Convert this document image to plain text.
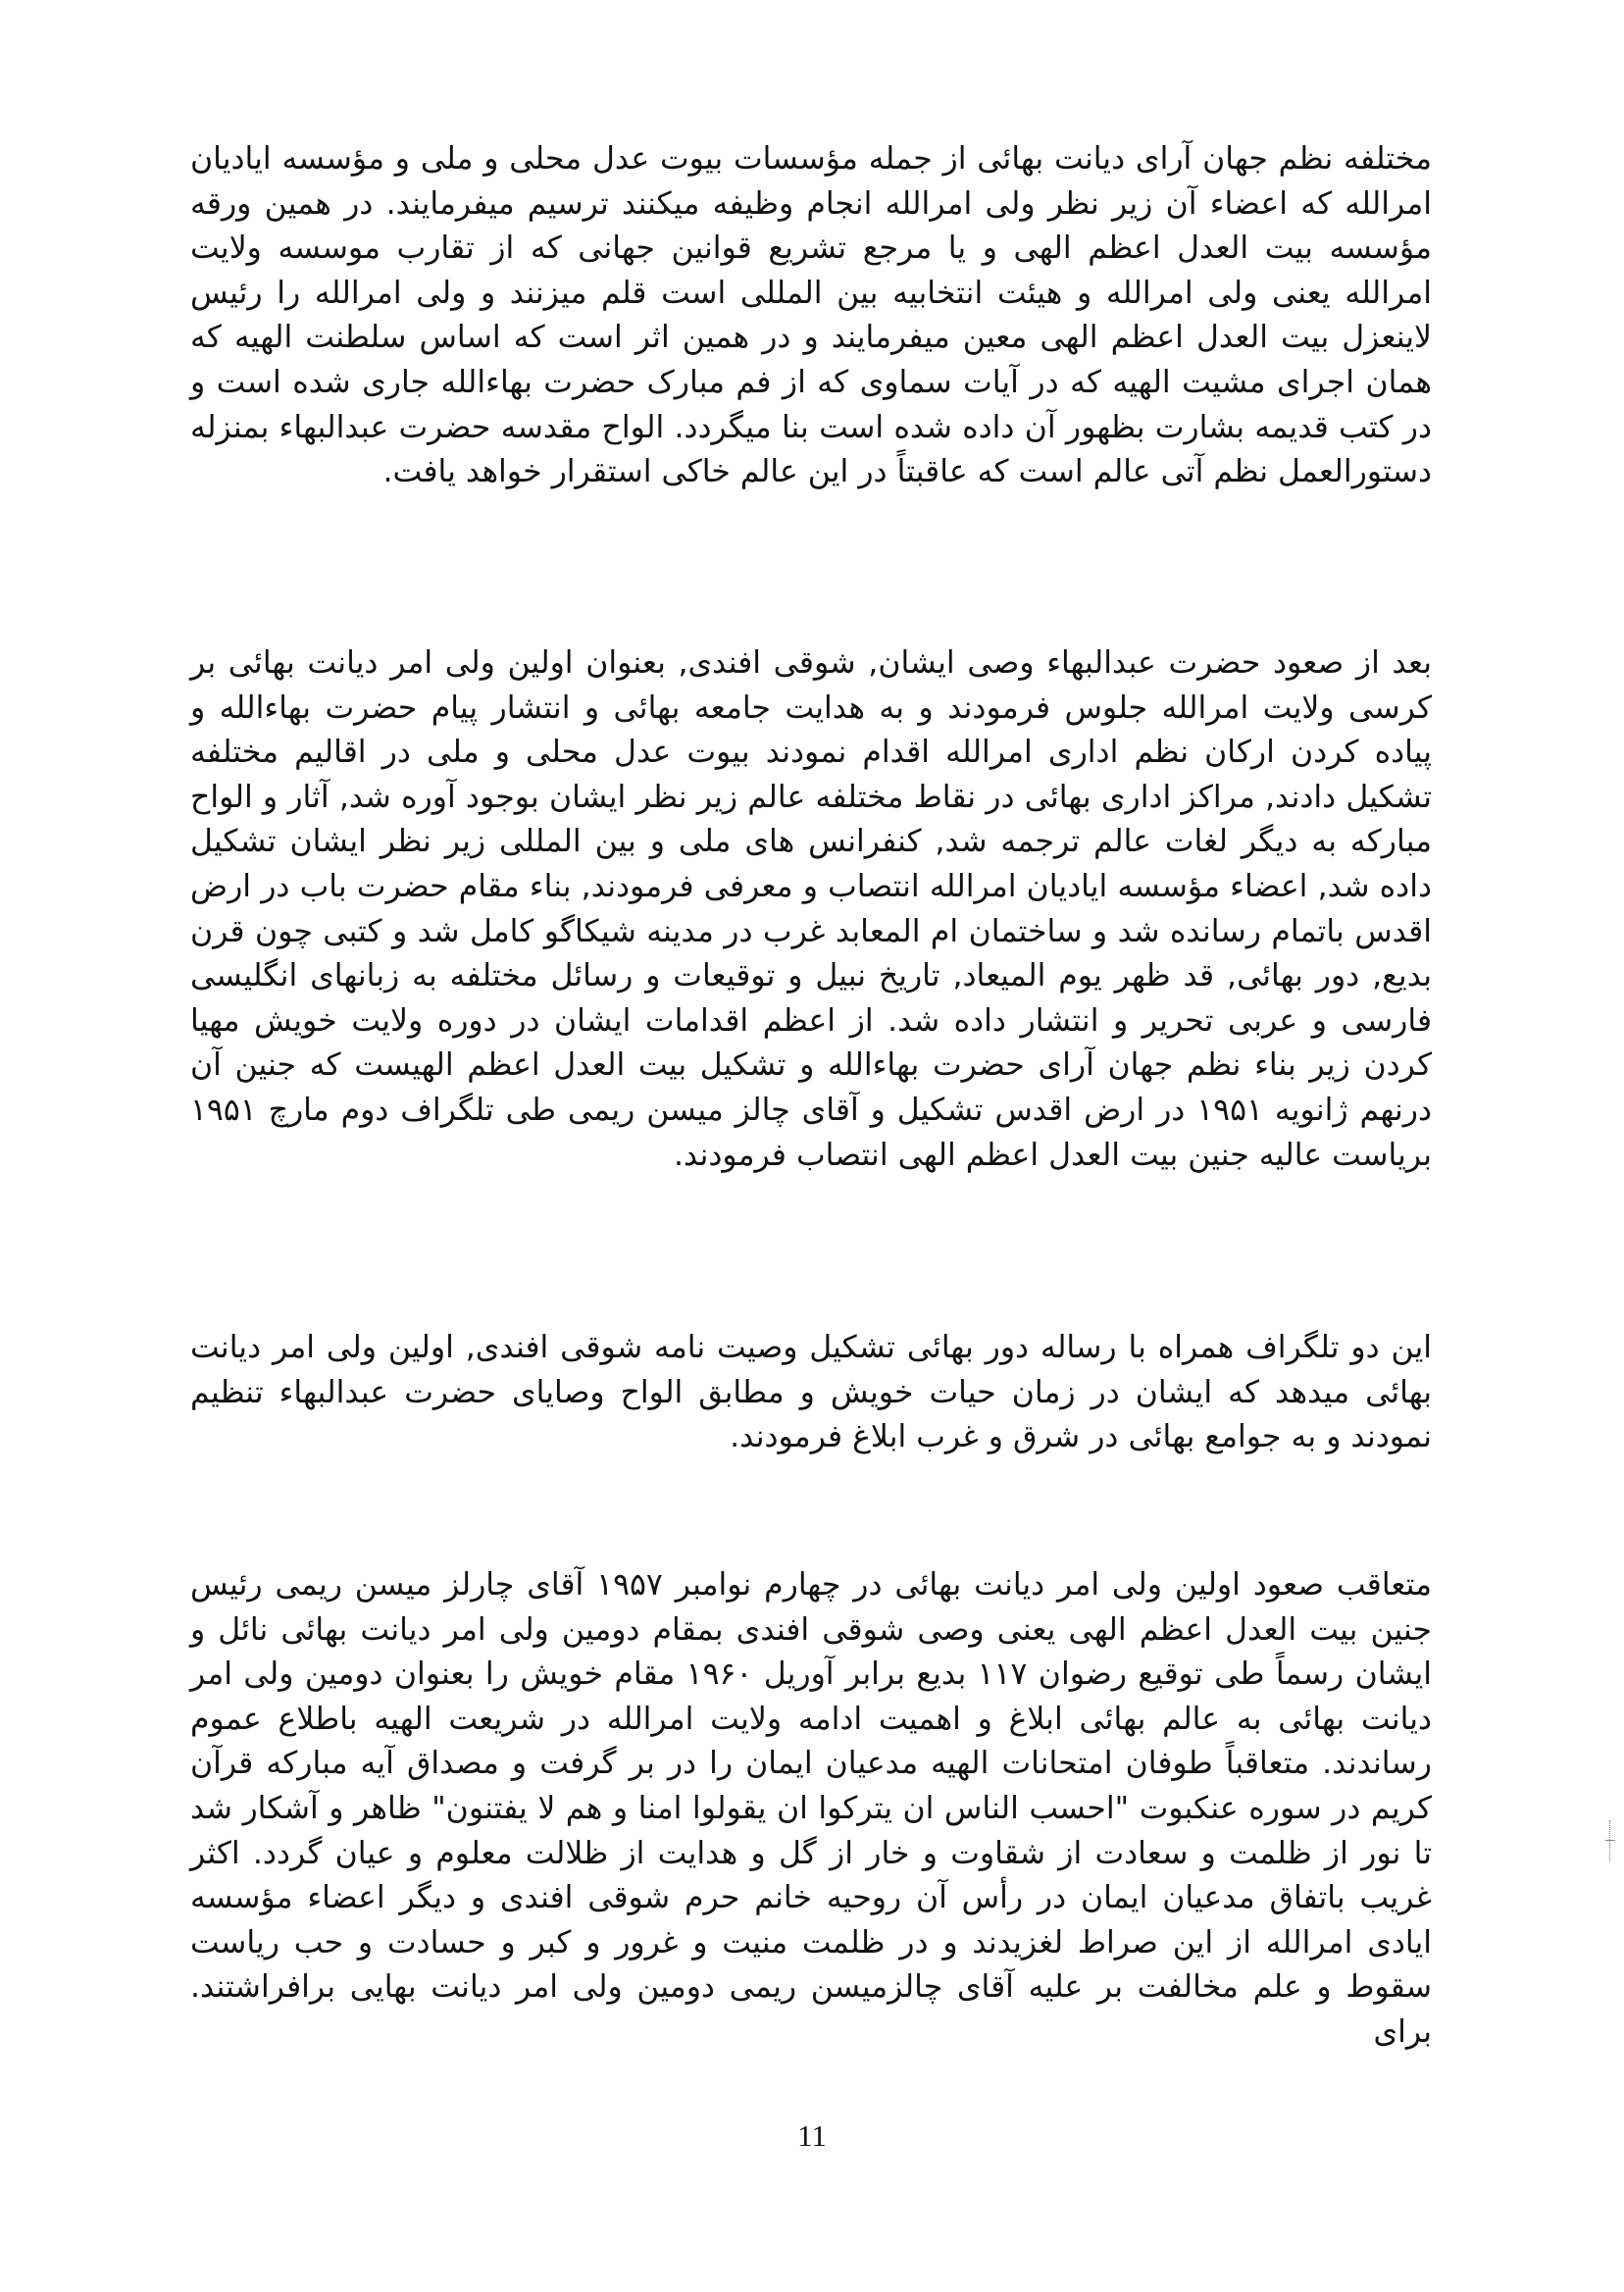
مختلفه نظم جهان آرای دیانت بهائی از جمله مؤسسات بیوت عدل محلی و ملی و مؤسسه ایادیان امرالله که اعضاء آن زیر نظر ولی امرالله انجام وظیفه میکنند ترسیم میفرمایند. در همین ورقه مؤسسه بیت العدل اعظم الهی و یا مرجع تشریع قوانین جهانی که از تقارب موسسه ولایت امرالله یعنی ولی امرالله و هیئت انتخابیه بین المللی است قلم میزنند و ولی امرالله را رئیس لاینعزل بیت العدل اعظم الهی معین میفرمایند و در همین اثر است که اساس سلطنت الهیه که همان اجرای مشیت الهیه که در آیات سماوی که از فم مبارک حضرت بهاءالله جاری شده است و در کتب قدیمه بشارت بظهور آن داده شده است بنا میگردد. الواح مقدسه حضرت عبدالبهاء بمنزله دستورالعمل نظم آتی عالم است که عاقبتاً در این عالم خاکی استقرار خواهد یافت.

بعد از صعود حضرت عبدالبهاء وصی ایشان, شوقی افندی, بعنوان اولین ولی امر دیانت بهائی بر کرسی ولایت امرالله جلوس فرمودند و به هدایت جامعه بهائی و انتشار پیام حضرت بهاءالله و پیاده کردن ارکان نظم اداری امرالله اقدام نمودند بیوت عدل محلی و ملی در اقالیم مختلفه تشکیل دادند, مراکز اداری بهائی در نقاط مختلفه عالم زیر نظر ایشان بوجود آوره شد, آثار و الواح مبارکه به دیگر لغات عالم ترجمه شد, کنفرانس های ملی و بین المللی زیر نظر ایشان تشکیل داده شد, اعضاء مؤسسه ایادیان امرالله انتصاب و معرفی فرمودند, بناء مقام حضرت باب در ارض اقدس باتمام رسانده شد و ساختمان ام المعابد غرب در مدینه شیکاگو کامل شد و کتبی چون قرن بدیع, دور بهائی, قد ظهر یوم المیعاد, تاریخ نبیل و توقیعات و رسائل مختلفه به زبانهای انگلیسی فارسی و عربی تحریر و انتشار داده شد. از اعظم اقدامات ایشان در دوره ولایت خویش مهیا کردن زیر بناء نظم جهان آرای حضرت بهاءالله و تشکیل بیت العدل اعظم الهیست که جنین آن درنهم ژانویه ۱۹۵۱ در ارض اقدس تشکیل و آقای چالز میسن ریمی طی تلگراف دوم مارچ ۱۹۵۱ بریاست عالیه جنین بیت العدل اعظم الهی انتصاب فرمودند.

این دو تلگراف همراه با رساله دور بهائی تشکیل وصیت نامه شوقی افندی, اولین ولی امر دیانت بهائی میدهد که ایشان در زمان حیات خویش و مطابق الواح وصایای حضرت عبدالبهاء تنظیم نمودند و به جوامع بهائی در شرق و غرب ابلاغ فرمودند.

متعاقب صعود اولین ولی امر دیانت بهائی در چهارم نوامبر ۱۹۵۷ آقای چارلز میسن ریمی رئیس جنین بیت العدل اعظم الهی یعنی وصی شوقی افندی بمقام دومین ولی امر دیانت بهائی نائل و ایشان رسماً طی توقیع رضوان ۱۱۷ بدیع برابر آوریل ۱۹۶۰ مقام خویش را بعنوان دومین ولی امر دیانت بهائی به عالم بهائی ابلاغ و اهمیت ادامه ولایت امرالله در شریعت الهیه باطلاع عموم رساندند. متعاقباً طوفان امتحانات الهیه مدعیان ایمان را در بر گرفت و مصداق آیه مبارکه قرآن کریم در سوره عنکبوت "احسب الناس ان یترکوا ان یقولوا امنا و هم لا یفتنون" ظاهر و آشکار شد تا نور از ظلمت و سعادت از شقاوت و خار از گل و هدایت از ظلالت معلوم و عیان گردد. اکثر غریب باتفاق مدعیان ایمان در رأس آن روحیه خانم حرم شوقی افندی و دیگر اعضاء مؤسسه ایادی امرالله از این صراط لغزیدند و در ظلمت منیت و غرور و کبر و حسادت و حب ریاست سقوط و علم مخالفت بر علیه آقای چالزمیسن ریمی دومین ولی امر دیانت بهایی برافراشتند. برای

11
